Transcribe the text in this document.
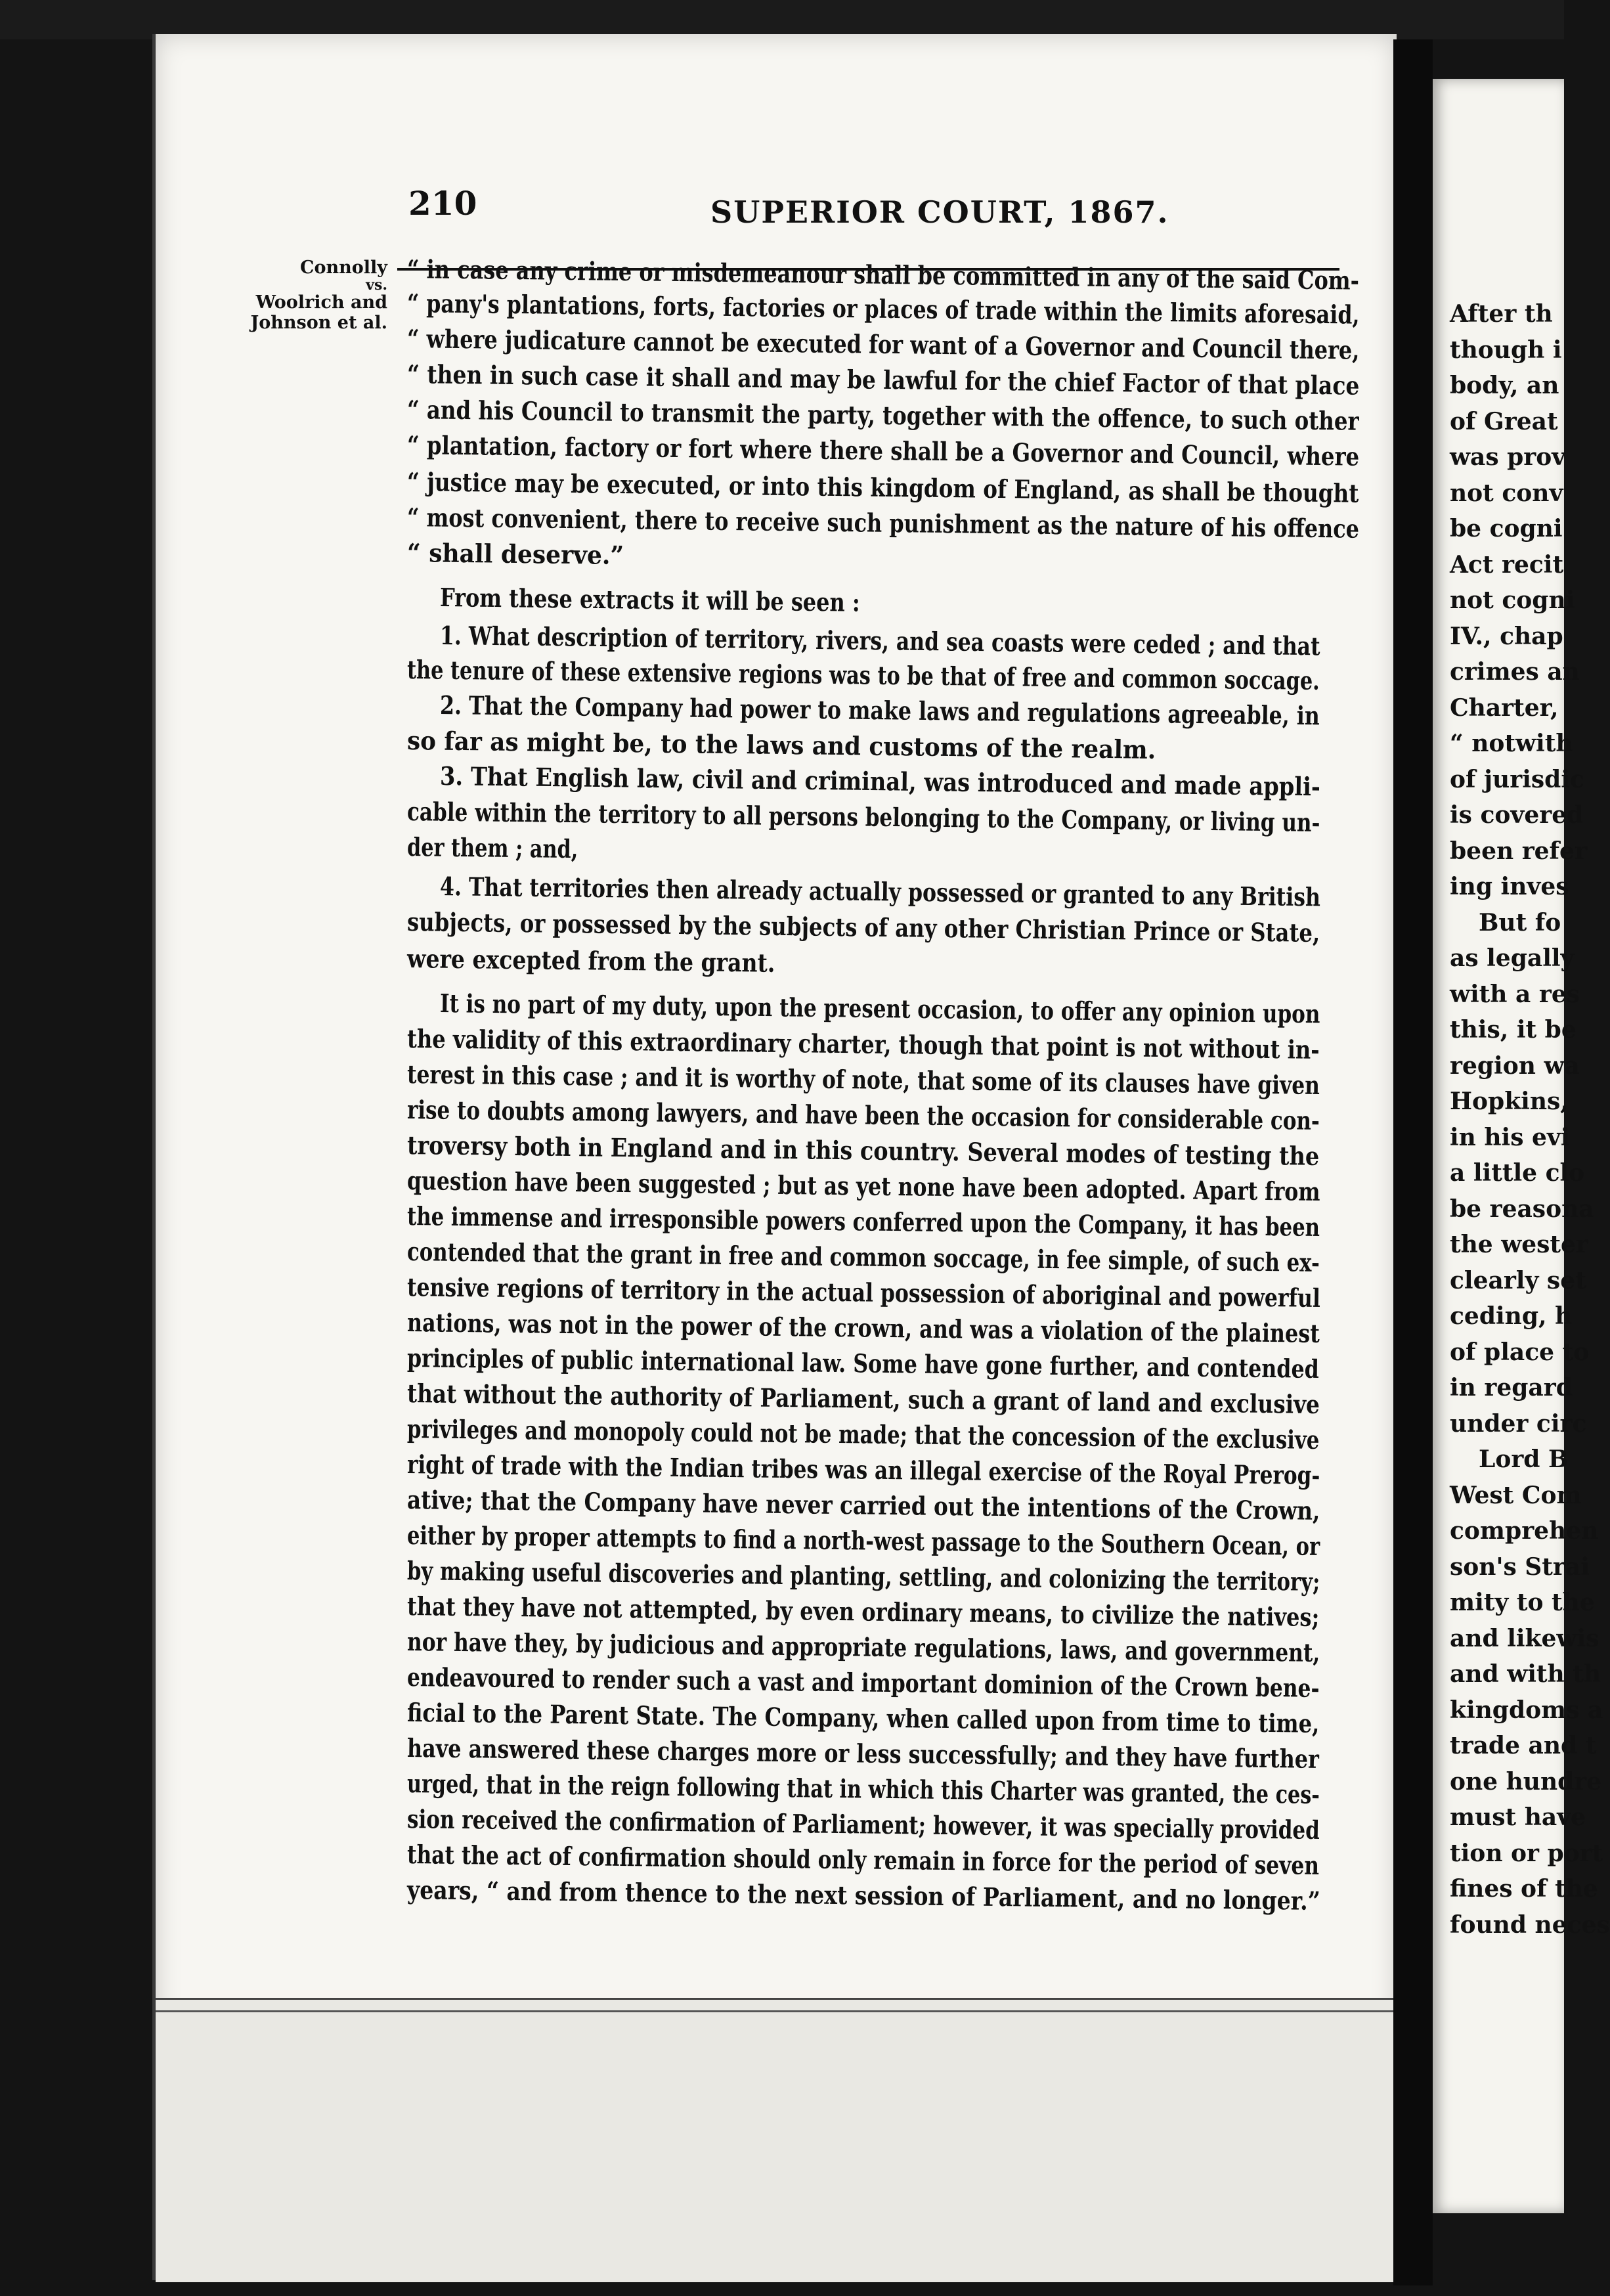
After th
though i
body, an
of Great
was prov
not conv
be cogni
Act recit
not cogni
IV., chap
crimes an
Charter,
“ notwith
of jurisdic
is covered
been refer
ing inves
But fo
as legally
with a res
this, it be
region wa
Hopkins,
in his evi
a little clo
be reasona
the wester
clearly set
ceding, h
of place to
in regard
under circ
Lord B
West Com
comprehen
son's Strai
mity to the
and likewis
and with th
kingdoms a
trade and t
one hundre
must have
tion or port
fines of the
found neces
210	SUPERIOR COURT, 1867.
Connolly
vs.
Woolrich and
Johnson et al.
“ in case any crime or misdemeanour shall be committed in any of the said Com-
“ pany's plantations, forts, factories or places of trade within the limits aforesaid,
“ where judicature cannot be executed for want of a Governor and Council there,
“ then in such case it shall and may be lawful for the chief Factor of that place
“ and his Council to transmit the party, together with the offence, to such other
“ plantation, factory or fort where there shall be a Governor and Council, where
“ justice may be executed, or into this kingdom of England, as shall be thought
“ most convenient, there to receive such punishment as the nature of his offence
“ shall deserve.”
From these extracts it will be seen :
1. What description of territory, rivers, and sea coasts were ceded ; and that
the tenure of these extensive regions was to be that of free and common soccage.
2. That the Company had power to make laws and regulations agreeable, in
so far as might be, to the laws and customs of the realm.
3. That English law, civil and criminal, was introduced and made appli-
cable within the territory to all persons belonging to the Company, or living un-
der them ; and,
4. That territories then already actually possessed or granted to any British
subjects, or possessed by the subjects of any other Christian Prince or State,
were excepted from the grant.
It is no part of my duty, upon the present occasion, to offer any opinion upon
the validity of this extraordinary charter, though that point is not without in-
terest in this case ; and it is worthy of note, that some of its clauses have given
rise to doubts among lawyers, and have been the occasion for considerable con-
troversy both in England and in this country. Several modes of testing the
question have been suggested ; but as yet none have been adopted. Apart from
the immense and irresponsible powers conferred upon the Company, it has been
contended that the grant in free and common soccage, in fee simple, of such ex-
tensive regions of territory in the actual possession of aboriginal and powerful
nations, was not in the power of the crown, and was a violation of the plainest
principles of public international law. Some have gone further, and contended
that without the authority of Parliament, such a grant of land and exclusive
privileges and monopoly could not be made; that the concession of the exclusive
right of trade with the Indian tribes was an illegal exercise of the Royal Prerog-
ative; that the Company have never carried out the intentions of the Crown,
either by proper attempts to find a north-west passage to the Southern Ocean, or
by making useful discoveries and planting, settling, and colonizing the territory;
that they have not attempted, by even ordinary means, to civilize the natives;
nor have they, by judicious and appropriate regulations, laws, and government,
endeavoured to render such a vast and important dominion of the Crown bene-
ficial to the Parent State. The Company, when called upon from time to time,
have answered these charges more or less successfully; and they have further
urged, that in the reign following that in which this Charter was granted, the ces-
sion received the confirmation of Parliament; however, it was specially provided
that the act of confirmation should only remain in force for the period of seven
years, “ and from thence to the next session of Parliament, and no longer.”
